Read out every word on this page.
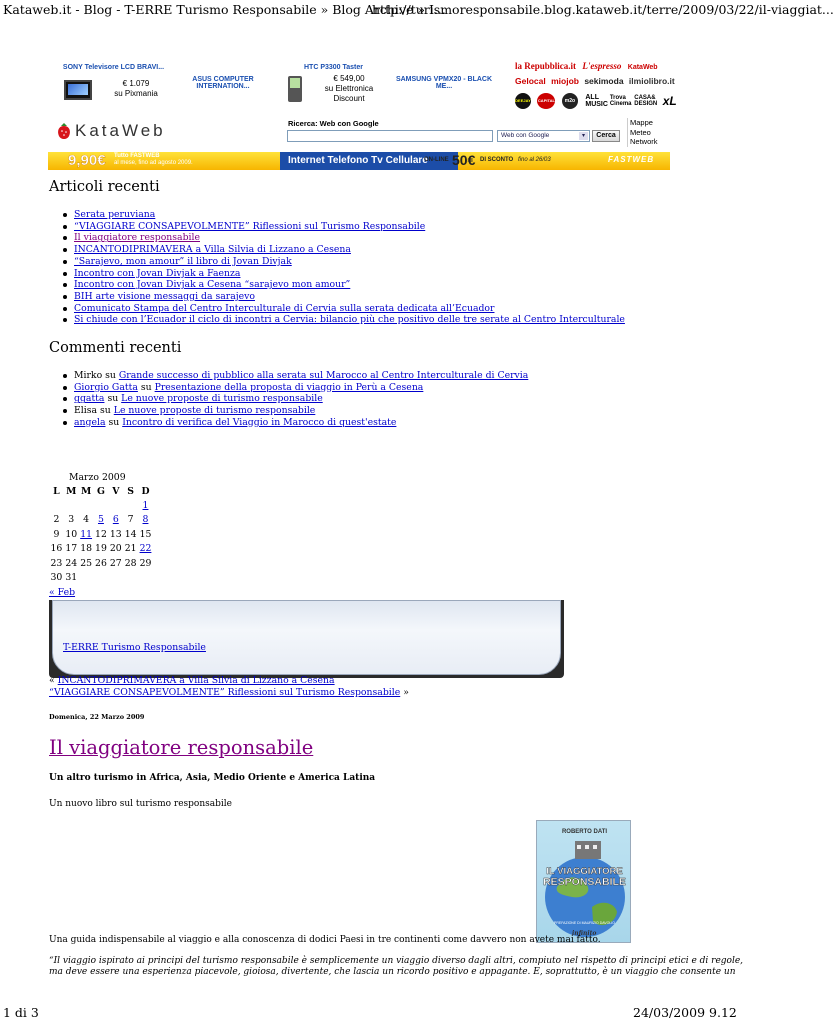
Kataweb.it - Blog - T-ERRE Turismo Responsabile » Blog Archive » I...
http://turismoresponsabile.blog.kataweb.it/terre/2009/03/22/il-viaggiat...
SONY Televisore LCD BRAVI...
€ 1.079
su Pixmania
ASUS COMPUTER INTERNATION...
HTC P3300 Taster
€ 549,00
su Elettronica Discount
SAMSUNG VPMX20 - BLACK ME...
la Repubblica.it L'espresso KataWeb
Gelocal miojob sekimoda ilmiolibro.it
DEEJAY CAPITAL m2o ALL MUSIC Trova Cinema CASA& DESIGN xL
KataWeb	Ricerca: Web con Google
Web con Google	▾	Cerca
Mappe
Meteo
Network
9,90€ Tutto FASTWEB
al mese, fino ad agosto 2009.	Internet Telefono Tv Cellulare
ON-LINE 50€ DI SCONTO fino al 26/03	FASTWEB
Articoli recenti
Serata peruviana
“VIAGGIARE CONSAPEVOLMENTE” Riflessioni sul Turismo Responsabile
Il viaggiatore responsabile
INCANTODIPRIMAVERA a Villa Silvia di Lizzano a Cesena
“Sarajevo, mon amour” il libro di Jovan Divjak
Incontro con Jovan Divjak a Faenza
Incontro con Jovan Divjak a Cesena “sarajevo mon amour”
BIH arte visione messaggi da sarajevo
Comunicato Stampa del Centro Interculturale di Cervia sulla serata dedicata all’Ecuador
Si chiude con l’Ecuador il ciclo di incontri a Cervia: bilancio più che positivo delle tre serate al Centro Interculturale
Commenti recenti
Mirko su Grande successo di pubblico alla serata sul Marocco al Centro Interculturale di Cervia
Giorgio Gatta su Presentazione della proposta di viaggio in Perù a Cesena
ggatta su Le nuove proposte di turismo responsabile
Elisa su Le nuove proposte di turismo responsabile
angela su Incontro di verifica del Viaggio in Marocco di quest'estate
Marzo 2009
L	M	M	G	V	S	D
						1
2	3	4	5	6	7	8
9	10	11	12	13	14	15
16	17	18	19	20	21	22
23	24	25	26	27	28	29
30	31					
« Feb
T-ERRE Turismo Responsabile
« INCANTODIPRIMAVERA a Villa Silvia di Lizzano a Cesena
“VIAGGIARE CONSAPEVOLMENTE” Riflessioni sul Turismo Responsabile »
Domenica, 22 Marzo 2009
Il viaggiatore responsabile
Un altro turismo in Africa, Asia, Medio Oriente e America Latina
Un nuovo libro sul turismo responsabile
ROBERTO DATI
IL VIAGGIATORE
RESPONSABILE
PREFAZIONE DI MAURIZIO DAVOLIO
infinito
Una guida indispensabile al viaggio e alla conoscenza di dodici Paesi in tre continenti come davvero non avete mai fatto.
“Il viaggio ispirato ai principi del turismo responsabile è semplicemente un viaggio diverso dagli altri, compiuto nel rispetto di principi etici e di regole,
ma deve essere una esperienza piacevole, gioiosa, divertente, che lascia un ricordo positivo e appagante. E, soprattutto, è un viaggio che consente un
1 di 3	24/03/2009 9.12
